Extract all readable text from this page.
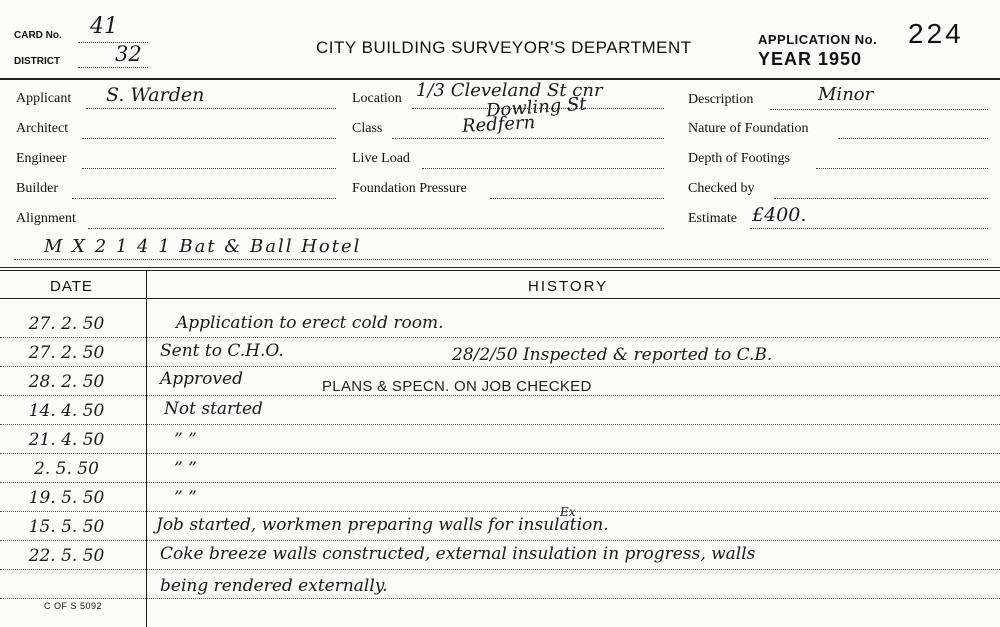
CARD No. 41
DISTRICT	32	CITY BUILDING SURVEYOR'S DEPARTMENT	APPLICATION No. 224
YEAR 1950
Applicant S. Warden
Architect
Engineer
Builder
Alignment
Location 1/3 Cleveland St cnr
Dowling St
Redfern
Class
Live Load
Foundation Pressure
Description	Minor
Nature of Foundation
Depth of Footings
Checked by
Estimate £400.
M X 2 1 4 1 Bat & Ball Hotel
DATE	HISTORY
27. 2. 50	Application to erect cold room.
27. 2. 50	Sent to C.H.O.	28/2/50 Inspected & reported to C.B.
28. 2. 50	Approved	PLANS & SPECN. ON JOB CHECKED
14. 4. 50	Not started
21. 4. 50	” ”
2. 5. 50	” ”
19. 5. 50	” ”
Ex
15. 5. 50	Job started, workmen preparing walls for insulation.
22. 5. 50	Coke breeze walls constructed, external insulation in progress, walls
being rendered externally.
C OF S 5092
